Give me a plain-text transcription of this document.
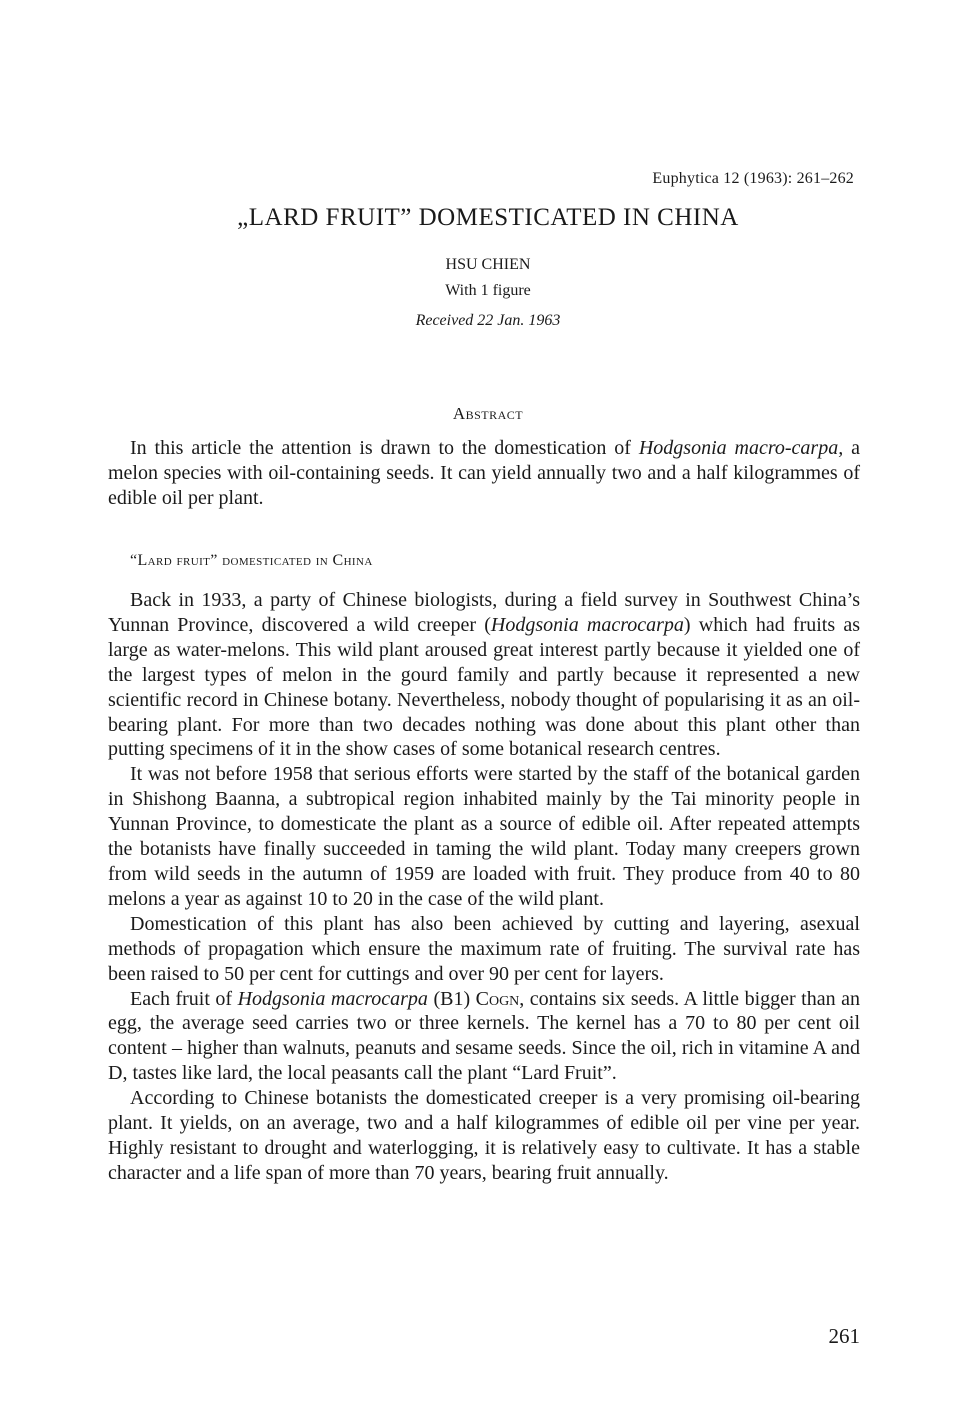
Euphytica 12 (1963): 261–262
„LARD FRUIT” DOMESTICATED IN CHINA
HSU CHIEN
With 1 figure
Received 22 Jan. 1963
Abstract

In this article the attention is drawn to the domestication of Hodgsonia macro-carpa, a melon species with oil-containing seeds. It can yield annually two and a half kilogrammes of edible oil per plant.

“Lard fruit” domesticated in China

Back in 1933, a party of Chinese biologists, during a field survey in Southwest China’s Yunnan Province, discovered a wild creeper (Hodgsonia macrocarpa) which had fruits as large as water-melons. This wild plant aroused great interest partly because it yielded one of the largest types of melon in the gourd family and partly because it represented a new scientific record in Chinese botany. Nevertheless, nobody thought of popularising it as an oil-bearing plant. For more than two decades nothing was done about this plant other than putting specimens of it in the show cases of some botanical research centres.

It was not before 1958 that serious efforts were started by the staff of the botanical garden in Shishong Baanna, a subtropical region inhabited mainly by the Tai minority people in Yunnan Province, to domesticate the plant as a source of edible oil. After repeated attempts the botanists have finally succeeded in taming the wild plant. Today many creepers grown from wild seeds in the autumn of 1959 are loaded with fruit. They produce from 40 to 80 melons a year as against 10 to 20 in the case of the wild plant.

Domestication of this plant has also been achieved by cutting and layering, asexual methods of propagation which ensure the maximum rate of fruiting. The survival rate has been raised to 50 per cent for cuttings and over 90 per cent for layers.

Each fruit of Hodgsonia macrocarpa (B1) Cogn, contains six seeds. A little bigger than an egg, the average seed carries two or three kernels. The kernel has a 70 to 80 per cent oil content – higher than walnuts, peanuts and sesame seeds. Since the oil, rich in vitamine A and D, tastes like lard, the local peasants call the plant “Lard Fruit”.

According to Chinese botanists the domesticated creeper is a very promising oil-bearing plant. It yields, on an average, two and a half kilogrammes of edible oil per vine per year. Highly resistant to drought and waterlogging, it is relatively easy to cultivate. It has a stable character and a life span of more than 70 years, bearing fruit annually.

261
